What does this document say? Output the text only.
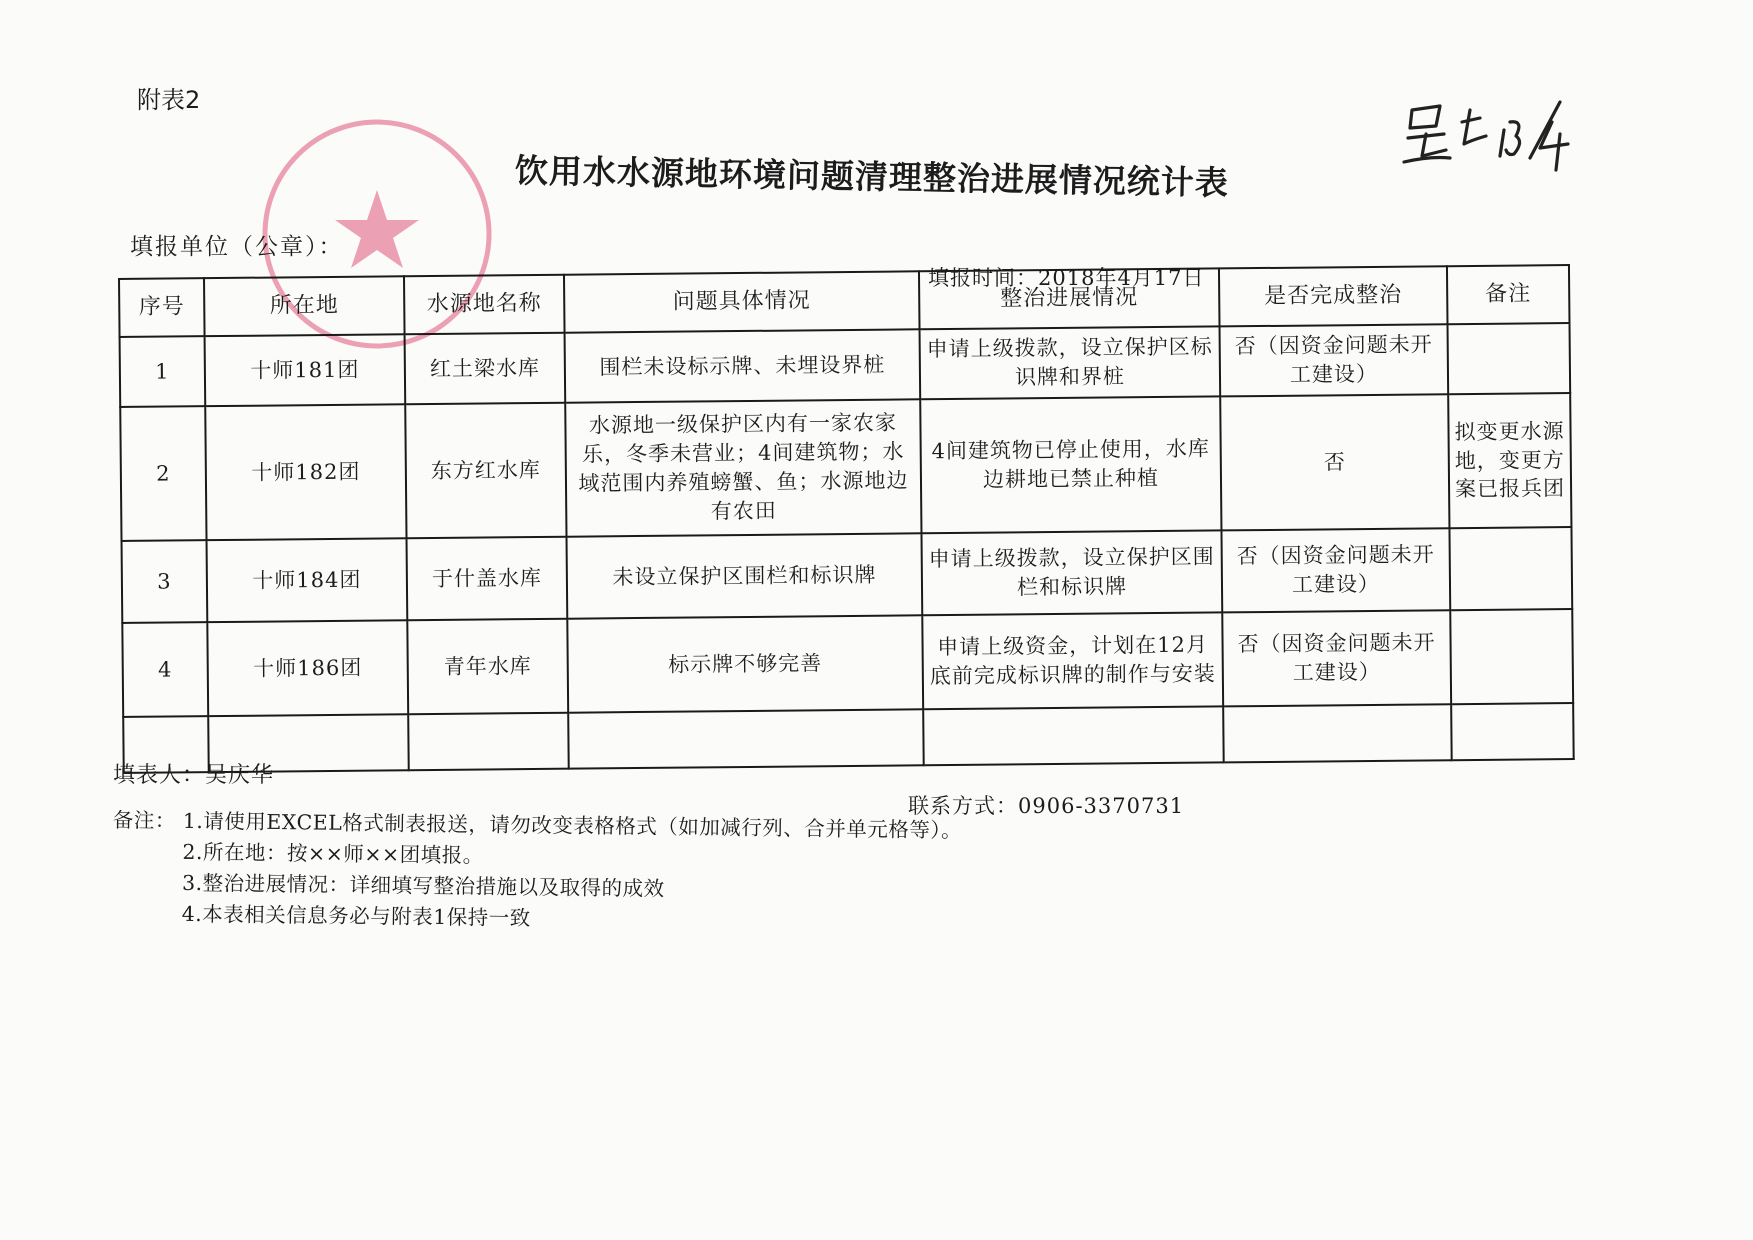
附表2
饮用水水源地环境问题清理整治进展情况统计表
填报单位（公章）：
填报时间：2018年4月17日
序号	所在地	水源地名称	问题具体情况	整治进展情况	是否完成整治	备注
1	十师181团	红土梁水库	围栏未设标示牌、未埋设界桩	申请上级拨款，设立保护区标识牌和界桩	否（因资金问题未开工建设）	
2	十师182团	东方红水库	水源地一级保护区内有一家农家乐，冬季未营业；4间建筑物；水域范围内养殖螃蟹、鱼；水源地边有农田	4间建筑物已停止使用，水库边耕地已禁止种植	否	拟变更水源地，变更方案已报兵团
3	十师184团	于什盖水库	未设立保护区围栏和标识牌	申请上级拨款，设立保护区围栏和标识牌	否（因资金问题未开工建设）	
4	十师186团	青年水库	标示牌不够完善	申请上级资金，计划在12月底前完成标识牌的制作与安装	否（因资金问题未开工建设）	

填表人：吴庆华
联系方式：0906-3370731
备注： 1.请使用EXCEL格式制表报送，请勿改变表格格式（如加减行列、合并单元格等）。
2.所在地：按××师××团填报。
3.整治进展情况：详细填写整治措施以及取得的成效
4.本表相关信息务必与附表1保持一致
